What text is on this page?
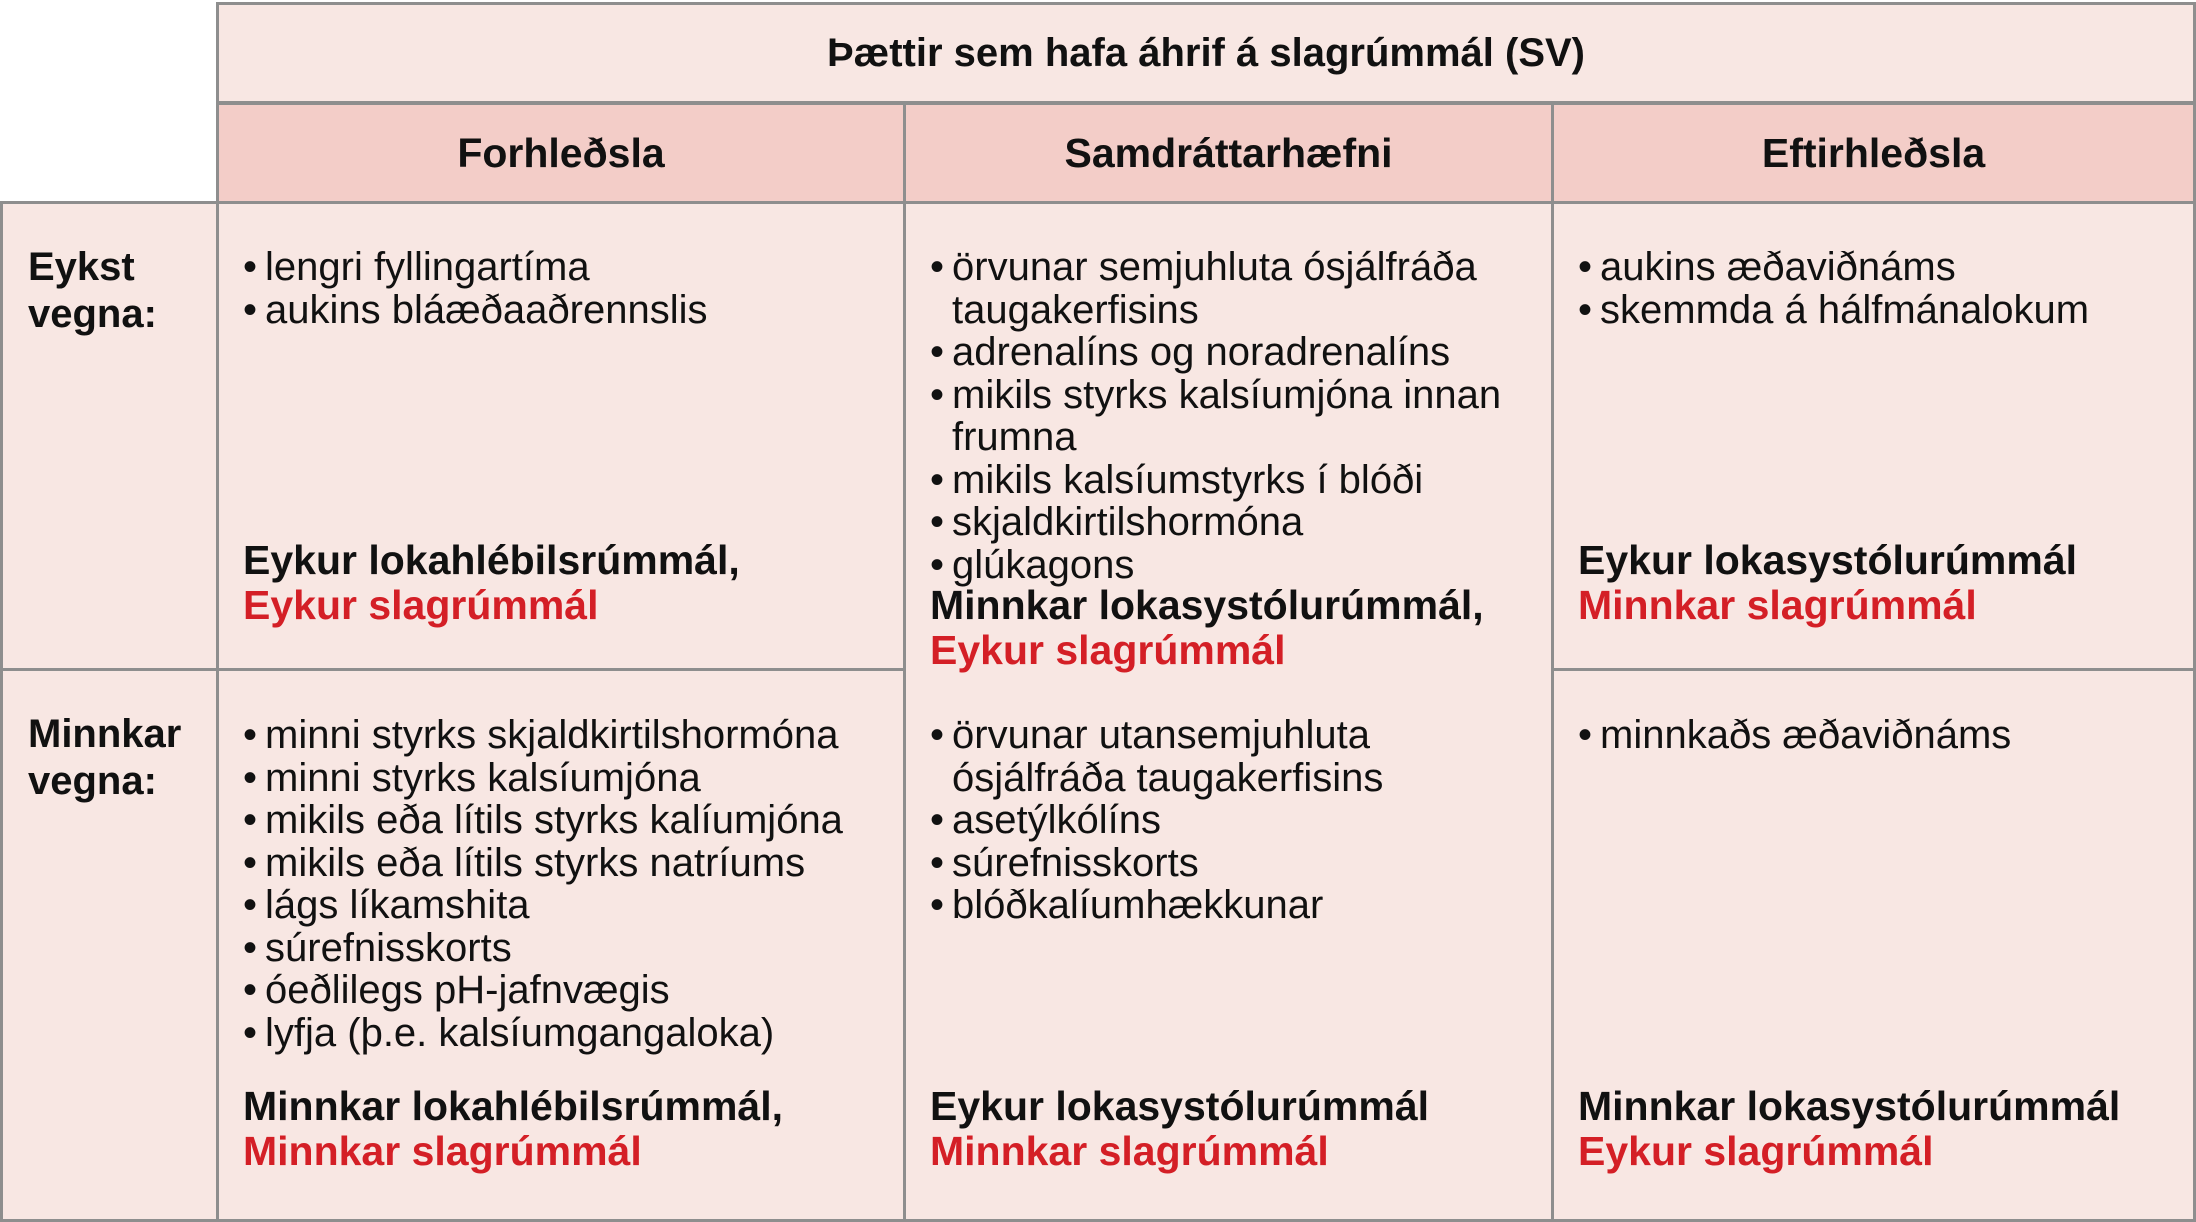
Þættir sem hafa áhrif á slagrúmmál (SV)
Forhleðsla	Samdráttarhæfni	Eftirhleðsla
Eykst
vegna:
Minnkar
vegna:
• lengri fyllingartíma
• aukins bláæðaaðrennslis
Eykur lokahlébilsrúmmál,
Eykur slagrúmmál
• örvunar semjuhluta ósjálfráða taugakerfisins
• adrenalíns og noradrenalíns
• mikils styrks kalsíumjóna innan frumna
• mikils kalsíumstyrks í blóði
• skjaldkirtilshormóna
• glúkagons
Minnkar lokasystólurúmmál,
Eykur slagrúmmál
• örvunar utansemjuhluta ósjálfráða taugakerfisins
• asetýlkólíns
• súrefnisskorts
• blóðkalíumhækkunar
Eykur lokasystólurúmmál
Minnkar slagrúmmál
• aukins æðaviðnáms
• skemmda á hálfmánalokum
Eykur lokasystólurúmmál
Minnkar slagrúmmál
• minni styrks skjaldkirtilshormóna
• minni styrks kalsíumjóna
• mikils eða lítils styrks kalíumjóna
• mikils eða lítils styrks natríums
• lágs líkamshita
• súrefnisskorts
• óeðlilegs pH-jafnvægis
• lyfja (þ.e. kalsíumgangaloka)
Minnkar lokahlébilsrúmmál,
Minnkar slagrúmmál
• minnkaðs æðaviðnáms
Minnkar lokasystólurúmmál
Eykur slagrúmmál
